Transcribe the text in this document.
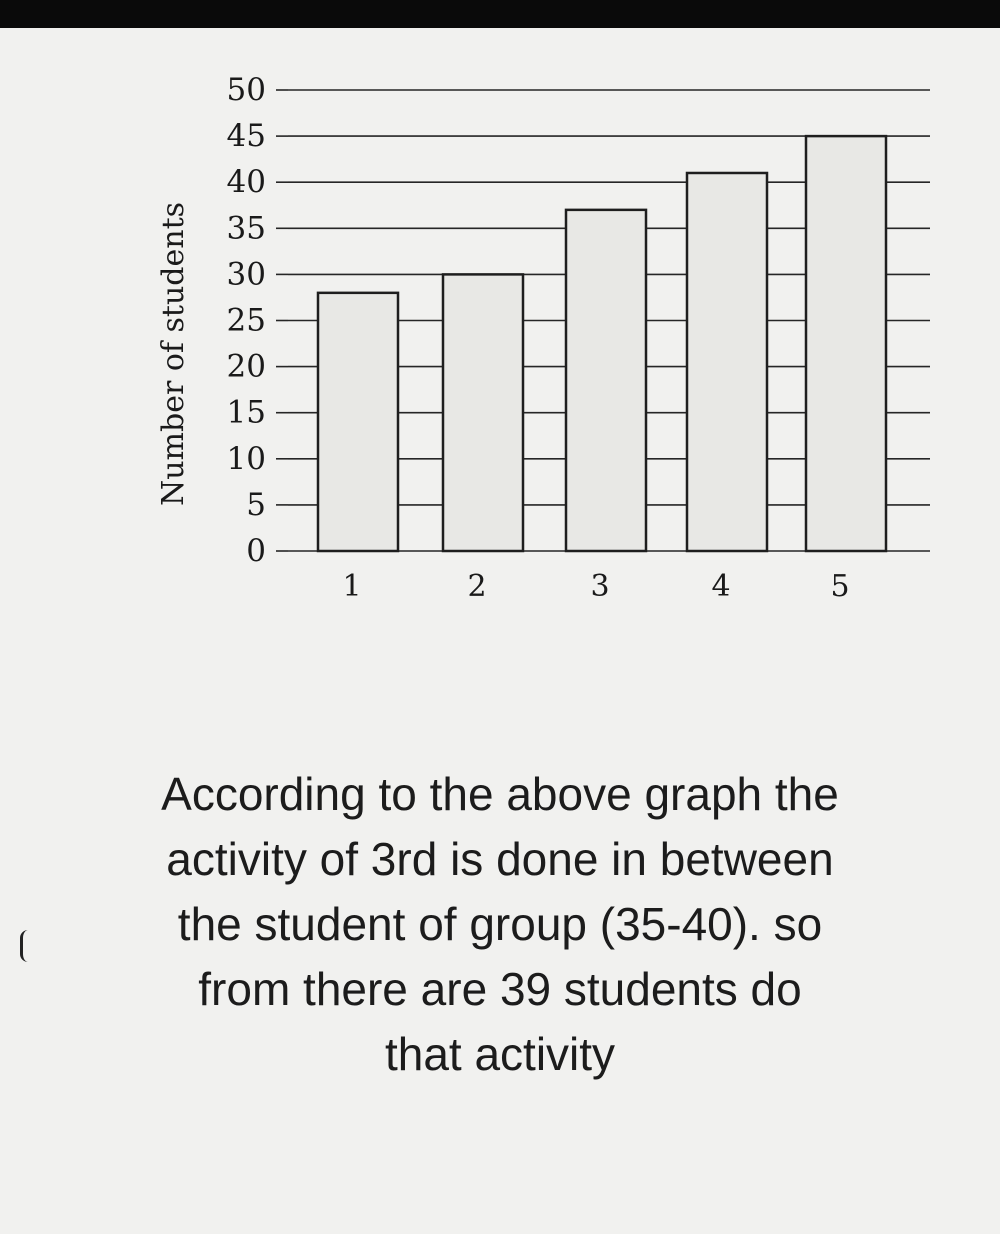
0
5
10
15
20
25
30
35
40
45
50
1	2	3	4	5
Number of students

According to the above graph the
activity of 3rd is done in between
the student of group (35-40). so
from there are 39 students do
that activity
